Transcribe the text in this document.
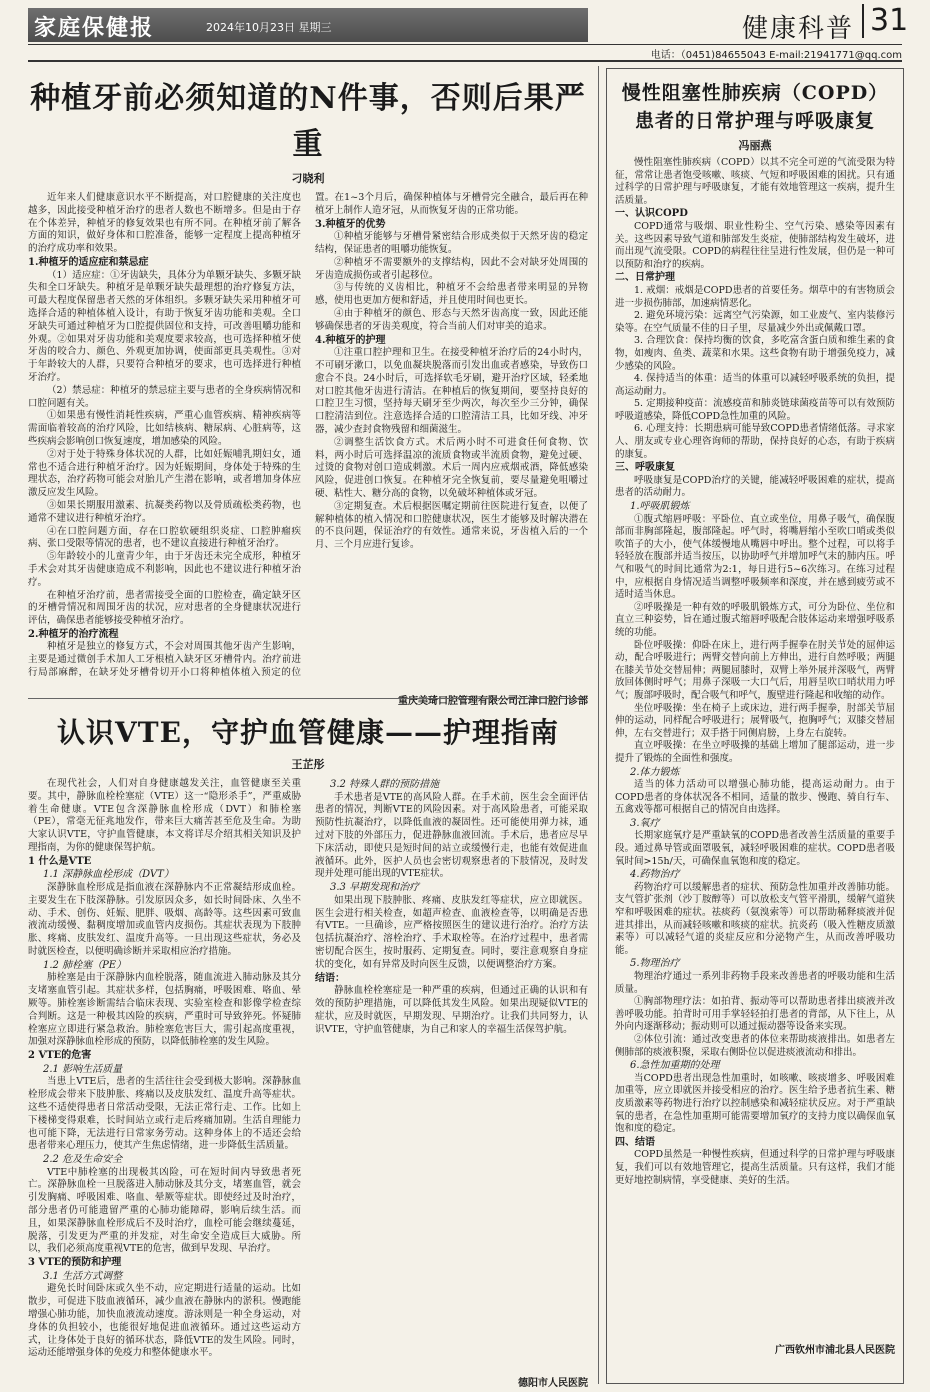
家庭保健报	2024年10月23日 星期三	健康科普 31
电话：（0451)84655043 E-mail:21941771@qq.com
种植牙前必须知道的N件事，否则后果严重
刁晓利

近年来人们健康意识水平不断提高，对口腔健康的关注度也越多，因此接受种植牙治疗的患者人数也不断增多。但是由于存在个体差异，种植牙的修复效果也有所不同。在种植牙前了解各方面的知识，做好身体和口腔准备，能够一定程度上提高种植牙的治疗成功率和效果。

1.种植牙的适应症和禁忌症

（1）适应症：①牙齿缺失，具体分为单颗牙缺失、多颗牙缺失和全口牙缺失。种植牙是单颗牙缺失最理想的治疗修复方法，可最大程度保留患者天然的牙体组织。多颗牙缺失采用种植牙可选择合适的种植体植入设计，有助于恢复牙齿功能和美观。全口牙缺失可通过种植牙为口腔提供固位和支持，可改善咀嚼功能和外观。②如果对牙齿功能和美观度要求较高，也可选择种植牙使牙齿的咬合力、颜色、外观更加协调，使面部更具美观性。③对于年龄较大的人群，只要符合种植牙的要求，也可选择进行种植牙治疗。

（2）禁忌症：种植牙的禁忌症主要与患者的全身疾病情况和口腔问题有关。

①如果患有慢性消耗性疾病，严重心血管疾病、精神疾病等需面临着较高的治疗风险，比如结核病、糖尿病、心脏病等，这些疾病会影响创口恢复速度，增加感染的风险。

②对于处于特殊身体状况的人群，比如妊娠哺乳期妇女，通常也不适合进行种植牙治疗。因为妊娠期间，身体处于特殊的生理状态，治疗药物可能会对胎儿产生潜在影响，或者增加身体应激反应发生风险。

③如果长期服用激素、抗凝类药物以及骨质疏松类药物，也通常不建议进行种植牙治疗。

④在口腔问题方面，存在口腔软硬组织炎症、口腔肿瘤疾病、张口受限等情况的患者，也不建议直接进行种植牙治疗。

⑤年龄较小的儿童青少年，由于牙齿还未完全成形，种植牙手术会对其牙齿健康造成不利影响，因此也不建议进行种植牙治疗。

在种植牙治疗前，患者需接受全面的口腔检查，确定缺牙区的牙槽骨情况和周围牙齿的状况，应对患者的全身健康状况进行评估，确保患者能够接受种植牙治疗。

2.种植牙的治疗流程

种植牙是独立的修复方式，不会对周围其他牙齿产生影响，主要是通过微创手术加人工牙根植入缺牙区牙槽骨内。治疗前进行局部麻醉，在缺牙处牙槽骨切开小口将种植体植入预定的位置。在1~3个月后，确保种植体与牙槽骨完全融合，最后再在种植牙上制作人造牙冠，从而恢复牙齿的正常功能。

3.种植牙的优势

①种植牙能够与牙槽骨紧密结合形成类似于天然牙齿的稳定结构，保证患者的咀嚼功能恢复。

②种植牙不需要额外的支撑结构，因此不会对缺牙处周围的牙齿造成损伤或者引起移位。

③与传统的义齿相比，种植牙不会给患者带来明显的异物感，使用也更加方便和舒适，并且使用时间也更长。

④由于种植牙的颜色、形态与天然牙齿高度一致，因此还能够确保患者的牙齿美观度，符合当前人们对审美的追求。

4.种植牙的护理

①注重口腔护理和卫生。在接受种植牙治疗后的24小时内，不可刷牙漱口，以免血凝块脱落而引发出血或者感染，导致伤口愈合不良。24小时后，可选择软毛牙刷，避开治疗区域，轻柔地对口腔其他牙齿进行清洁。在种植后的恢复期间，要坚持良好的口腔卫生习惯，坚持每天刷牙至少两次，每次至少三分钟，确保口腔清洁到位。注意选择合适的口腔清洁工具，比如牙线、冲牙器，减少查封食物残留和细菌滋生。

②调整生活饮食方式。术后两小时不可进食任何食物、饮料，两小时后可选择温凉的流质食物或半流质食物，避免过硬、过烫的食物对创口造成刺激。术后一周内应戒烟戒酒，降低感染风险，促进创口恢复。在种植牙完全恢复前，要尽量避免咀嚼过硬、粘性大、糖分高的食物，以免破坏种植体或牙冠。

③定期复查。术后根据医嘱定期前往医院进行复查，以便了解种植体的植入情况和口腔健康状况，医生才能够及时解决潜在的不良问题，保证治疗的有效性。通常来说，牙齿植入后的一个月、三个月应进行复诊。

重庆美琦口腔管理有限公司江津口腔门诊部
认识VTE，守护血管健康——护理指南
王芷彤

在现代社会，人们对自身健康越发关注，血管健康至关重要。其中，静脉血栓栓塞症（VTE）这一“隐形杀手”，严重威胁着生命健康。VTE包含深静脉血栓形成（DVT）和肺栓塞（PE），常毫无征兆地发作，带来巨大痛苦甚至危及生命。为助大家认识VTE，守护血管健康，本文将详尽介绍其相关知识及护理指南，为你的健康保驾护航。

1 什么是VTE
1.1 深静脉血栓形成（DVT）

深静脉血栓形成是指血液在深静脉内不正常凝结形成血栓。主要发生在下肢深静脉。引发原因众多，如长时间卧床、久坐不动、手术、创伤、妊娠、肥胖、吸烟、高龄等。这些因素可致血液流动缓慢、黏稠度增加或血管内皮损伤。其症状表现为下肢肿胀、疼痛、皮肤发红、温度升高等。一旦出现这些症状，务必及时就医检查，以便明确诊断并采取相应治疗措施。

1.2 肺栓塞（PE）

肺栓塞是由于深静脉内血栓脱落，随血流进入肺动脉及其分支堵塞血管引起。其症状多样，包括胸痛，呼吸困难、咯血、晕厥等。肺栓塞诊断需结合临床表现、实验室检查和影像学检查综合判断。这是一种极其凶险的疾病，严重时可导致猝死。怀疑肺栓塞应立即进行紧急救治。肺栓塞危害巨大，需引起高度重视，加强对深静脉血栓形成的预防，以降低肺栓塞的发生风险。

2 VTE的危害
2.1 影响生活质量

当患上VTE后，患者的生活往往会受到极大影响。深静脉血栓形成会带来下肢肿胀、疼痛以及皮肤发红、温度升高等症状。这些不适使得患者日常活动受限，无法正常行走、工作。比如上下楼梯变得艰难，长时间站立或行走后疼痛加剧。生活自理能力也可能下降，无法进行日常家务劳动。这种身体上的不适还会给患者带来心理压力，使其产生焦虑情绪，进一步降低生活质量。

2.2 危及生命安全

VTE中肺栓塞的出现极其凶险，可在短时间内导致患者死亡。深静脉血栓一旦脱落进入肺动脉及其分支，堵塞血管，就会引发胸痛、呼吸困难、咯血、晕厥等症状。即使经过及时治疗，部分患者仍可能遗留严重的心肺功能障碍，影响后续生活。而且，如果深静脉血栓形成后不及时治疗，血栓可能会继续蔓延，脱落，引发更为严重的并发症，对生命安全造成巨大威胁。所以，我们必须高度重视VTE的危害，做到早发现、早治疗。

3 VTE的预防和护理
3.1 生活方式调整

避免长时间卧床或久坐不动，应定期进行适量的运动。比如散步，可促进下肢血液循环，减少血液在静脉内的淤积。慢跑能增强心肺功能，加快血液流动速度。游泳则是一种全身运动，对身体的负担较小，也能很好地促进血液循环。通过这些运动方式，让身体处于良好的循环状态，降低VTE的发生风险。同时，运动还能增强身体的免疫力和整体健康水平。

3.2 特殊人群的预防措施

手术患者是VTE的高风险人群。在手术前，医生会全面评估患者的情况，判断VTE的风险因素。对于高风险患者，可能采取预防性抗凝治疗，以降低血液的凝固性。还可能使用弹力袜，通过对下肢的外部压力，促进静脉血液回流。手术后，患者应尽早下床活动，即使只是短时间的站立或缓慢行走，也能有效促进血液循环。此外，医护人员也会密切观察患者的下肢情况，及时发现并处理可能出现的VTE症状。

3.3 早期发现和治疗

如果出现下肢肿胀、疼痛、皮肤发红等症状，应立即就医。医生会进行相关检查，如超声检查、血液检查等，以明确是否患有VTE。一旦确诊，应严格按照医生的建议进行治疗。治疗方法包括抗凝治疗、溶栓治疗、手术取栓等。在治疗过程中，患者需密切配合医生，按时服药、定期复查。同时，要注意观察自身症状的变化，如有异常及时向医生反馈，以便调整治疗方案。

结语：

静脉血栓栓塞症是一种严重的疾病，但通过正确的认识和有效的预防护理措施，可以降低其发生风险。如果出现疑似VTE的症状，应及时就医，早期发现、早期治疗。让我们共同努力，认识VTE，守护血管健康，为自己和家人的幸福生活保驾护航。

德阳市人民医院
慢性阻塞性肺疾病（COPD）
患者的日常护理与呼吸康复
冯丽燕

慢性阻塞性肺疾病（COPD）以其不完全可逆的气流受限为特征，常常让患者饱受咳嗽、咳痰、气短和呼吸困难的困扰。只有通过科学的日常护理与呼吸康复，才能有效地管理这一疾病，提升生活质量。

一、认识COPD

COPD通常与吸烟、职业性粉尘、空气污染、感染等因素有关。这些因素导致气道和肺部发生炎症，使肺部结构发生破坏，进而出现气流受限。COPD的病程往往呈进行性发展，但仍是一种可以预防和治疗的疾病。

二、日常护理

1. 戒烟：戒烟是COPD患者的首要任务。烟草中的有害物质会进一步损伤肺部，加速病情恶化。

2. 避免环境污染：远离空气污染源，如工业废气、室内装修污染等。在空气质量不佳的日子里，尽量减少外出或佩戴口罩。

3. 合理饮食：保持均衡的饮食，多吃富含蛋白质和维生素的食物，如瘦肉、鱼类、蔬菜和水果。这些食物有助于增强免疫力，减少感染的风险。

4. 保持适当的体重：适当的体重可以减轻呼吸系统的负担，提高运动耐力。

5. 定期接种疫苗：流感疫苗和肺炎链球菌疫苗等可以有效预防呼吸道感染，降低COPD急性加重的风险。

6. 心理支持：长期患病可能导致COPD患者情绪低落。寻求家人、朋友或专业心理咨询师的帮助，保持良好的心态，有助于疾病的康复。

三、呼吸康复

呼吸康复是COPD治疗的关键，能减轻呼吸困难的症状，提高患者的活动耐力。

1.呼吸肌锻炼

①腹式缩唇呼吸：平卧位、直立或坐位，用鼻子吸气，确保腹部而非胸部隆起，腹部隆起。呼气时，将嘴唇缩小至吹口哨或类似吹笛子的大小，使气体缓慢地从嘴唇中呼出。整个过程，可以将手轻轻放在腹部并适当按压，以协助呼气并增加呼气末的肺内压。呼气和吸气的时间比通常为2:1，每日进行5~6次练习。在练习过程中，应根据自身情况适当调整呼吸频率和深度，并在感到疲劳或不适时适当休息。

②呼吸操是一种有效的呼吸肌锻炼方式，可分为卧位、坐位和直立三种姿势，旨在通过腹式缩唇呼吸配合肢体运动来增强呼吸系统的功能。

卧位呼吸操：仰卧在床上，进行两手握拳在肘关节处的屈伸运动，配合呼吸进行；两臂交替向前上方伸出，进行自然呼吸；两腿在膝关节处交替屈伸；两腿屈膝时，双臂上举外展并深吸气，两臂放回体侧时呼气；用鼻子深吸一大口气后，用唇呈吹口哨状用力呼气；腹部呼吸时，配合吸气和呼气，腹壁进行隆起和收缩的动作。

坐位呼吸操：坐在椅子上或床边，进行两手握拳，肘部关节屈伸的运动，同样配合呼吸进行；展臂吸气，抱胸呼气；双膝交替屈伸，左右交替进行；双手搭于同侧肩膀，上身左右旋转。

直立呼吸操：在坐立呼吸操的基础上增加了腿部运动，进一步提升了锻炼的全面性和强度。

2.体力锻炼

适当的体力活动可以增强心肺功能，提高运动耐力。由于COPD患者的身体状况各不相同，适量的散步、慢跑、骑自行车、五禽戏等都可根据自己的情况自由选择。

3.氧疗

长期家庭氧疗是严重缺氧的COPD患者改善生活质量的重要手段。通过鼻导管或面罩吸氧，减轻呼吸困难的症状。COPD患者吸氧时间>15h/天，可确保血氧饱和度的稳定。

4.药物治疗

药物治疗可以缓解患者的症状、预防急性加重并改善肺功能。支气管扩张剂（沙丁胺醇等）可以放松支气管平滑肌，缓解气道狭窄和呼吸困难的症状。祛痰药（氨溴索等）可以帮助稀释痰液并促进其排出，从而减轻咳嗽和咳痰的症状。抗炎药（吸入性糖皮质激素等）可以减轻气道的炎症反应和分泌物产生，从而改善呼吸功能。

5.物理治疗

物理治疗通过一系列非药物手段来改善患者的呼吸功能和生活质量。

①胸部物理疗法：如拍背、振动等可以帮助患者排出痰液并改善呼吸功能。拍背时可用手掌轻轻拍打患者的背部，从下往上，从外向内逐渐移动；振动则可以通过振动器等设备来实现。

②体位引流：通过改变患者的体位来帮助痰液排出。如患者左侧肺部的痰液积聚，采取右侧卧位以促进痰液流动和排出。

6.急性加重期的处理

当COPD患者出现急性加重时，如咳嗽、咳痰增多、呼吸困难加重等，应立即就医并接受相应的治疗。医生给予患者抗生素、糖皮质激素等药物进行治疗以控制感染和减轻症状反应。对于严重缺氧的患者，在急性加重期可能需要增加氧疗的支持力度以确保血氧饱和度的稳定。

四、结语

COPD虽然是一种慢性疾病，但通过科学的日常护理与呼吸康复，我们可以有效地管理它，提高生活质量。只有这样，我们才能更好地控制病情，享受健康、美好的生活。

广西钦州市浦北县人民医院
